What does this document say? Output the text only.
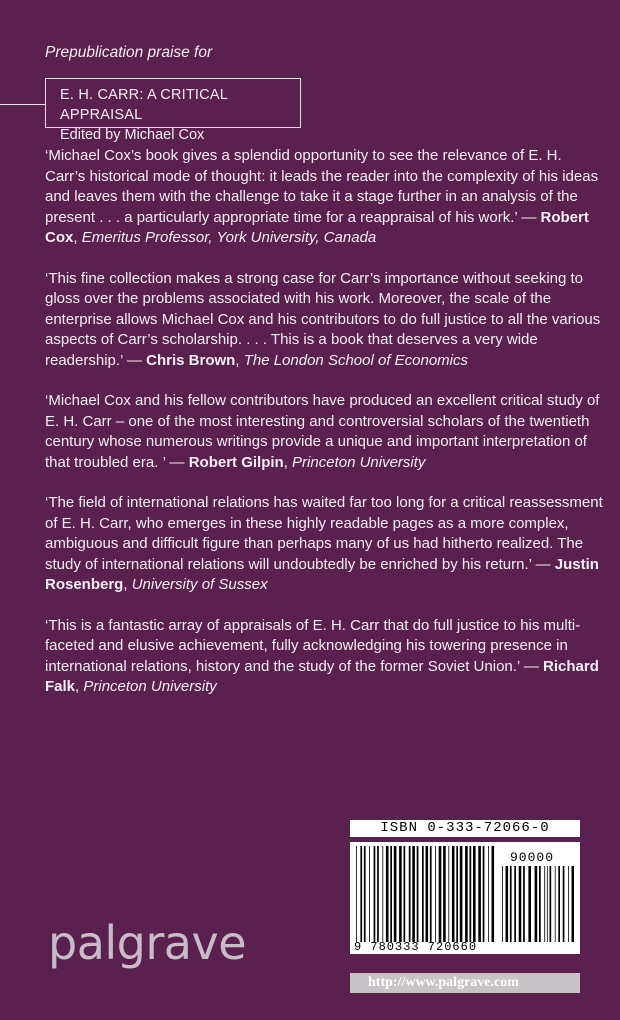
Prepublication praise for
E. H. CARR: A CRITICAL APPRAISAL
Edited by Michael Cox

‘Michael Cox’s book gives a splendid opportunity to see the relevance of E. H. Carr’s historical mode of thought: it leads the reader into the complexity of his ideas and leaves them with the challenge to take it a stage further in an analysis of the present . . . a particularly appropriate time for a reappraisal of his work.’ — Robert Cox, Emeritus Professor, York University, Canada

‘This fine collection makes a strong case for Carr’s importance without seeking to gloss over the problems associated with his work. Moreover, the scale of the enterprise allows Michael Cox and his contributors to do full justice to all the various aspects of Carr’s scholarship. . . . This is a book that deserves a very wide readership.’ — Chris Brown, The London School of Economics

‘Michael Cox and his fellow contributors have produced an excellent critical study of E. H. Carr – one of the most interesting and controversial scholars of the twentieth century whose numerous writings provide a unique and important interpretation of that troubled era. ’ — Robert Gilpin, Princeton University

‘The field of international relations has waited far too long for a critical reassessment of E. H. Carr, who emerges in these highly readable pages as a more complex, ambiguous and difficult figure than perhaps many of us had hitherto realized. The study of international relations will undoubtedly be enriched by his return.’ — Justin Rosenberg, University of Sussex

‘This is a fantastic array of appraisals of E. H. Carr that do full justice to his multi-faceted and elusive achievement, fully acknowledging his towering presence in international relations, history and the study of the former Soviet Union.’ — Richard Falk, Princeton University

palgrave
ISBN 0-333-72066-0
90000
9 780333 720660
http://www.palgrave.com
